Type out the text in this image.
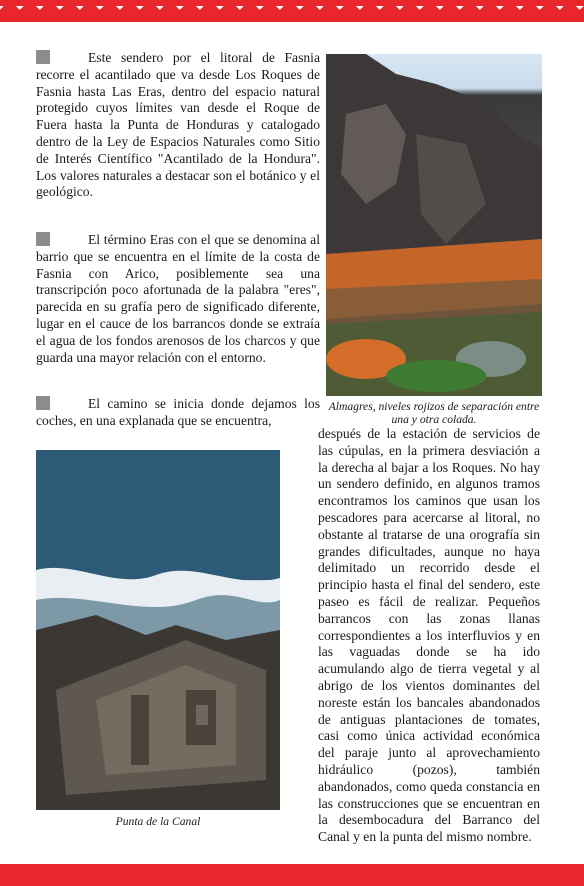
Este sendero por el litoral de Fasnia recorre el acantilado que va desde Los Roques de Fasnia hasta Las Eras, dentro del espacio natural protegido cuyos límites van desde el Roque de Fuera hasta la Punta de Honduras y catalogado dentro de la Ley de Espacios Naturales como Sitio de Interés Científico "Acantilado de la Hondura". Los valores naturales a destacar son el botánico y el geológico.

El término Eras con el que se denomina al barrio que se encuentra en el límite de la costa de Fasnia con Arico, posiblemente sea una transcripción poco afortunada de la palabra "eres", parecida en su grafía pero de significado diferente, lugar en el cauce de los barrancos donde se extraía el agua de los fondos arenosos de los charcos y que guarda una mayor relación con el entorno.

El camino se inicia donde dejamos los coches, en una explanada que se encuentra,

después de la estación de servicios de las cúpulas, en la primera desviación a la derecha al bajar a los Roques. No hay un sendero definido, en algunos tramos encontramos los caminos que usan los pescadores para acercarse al litoral, no obstante al tratarse de una orografía sin grandes dificultades, aunque no haya delimitado un recorrido desde el principio hasta el final del sendero, este paseo es fácil de realizar. Pequeños barrancos con las zonas llanas correspondientes a los interfluvios y en las vaguadas donde se ha ido acumulando algo de tierra vegetal y al abrigo de los vientos dominantes del noreste están los bancales abandonados de antiguas plantaciones de tomates, casi como única actividad económica del paraje junto al aprovechamiento hidráulico (pozos), también abandonados, como queda constancia en las construcciones que se encuentran en la desembocadura del Barranco del Canal y en la punta del mismo nombre.

Almagres, niveles rojizos de separación entre una y otra colada.

Punta de la Canal
